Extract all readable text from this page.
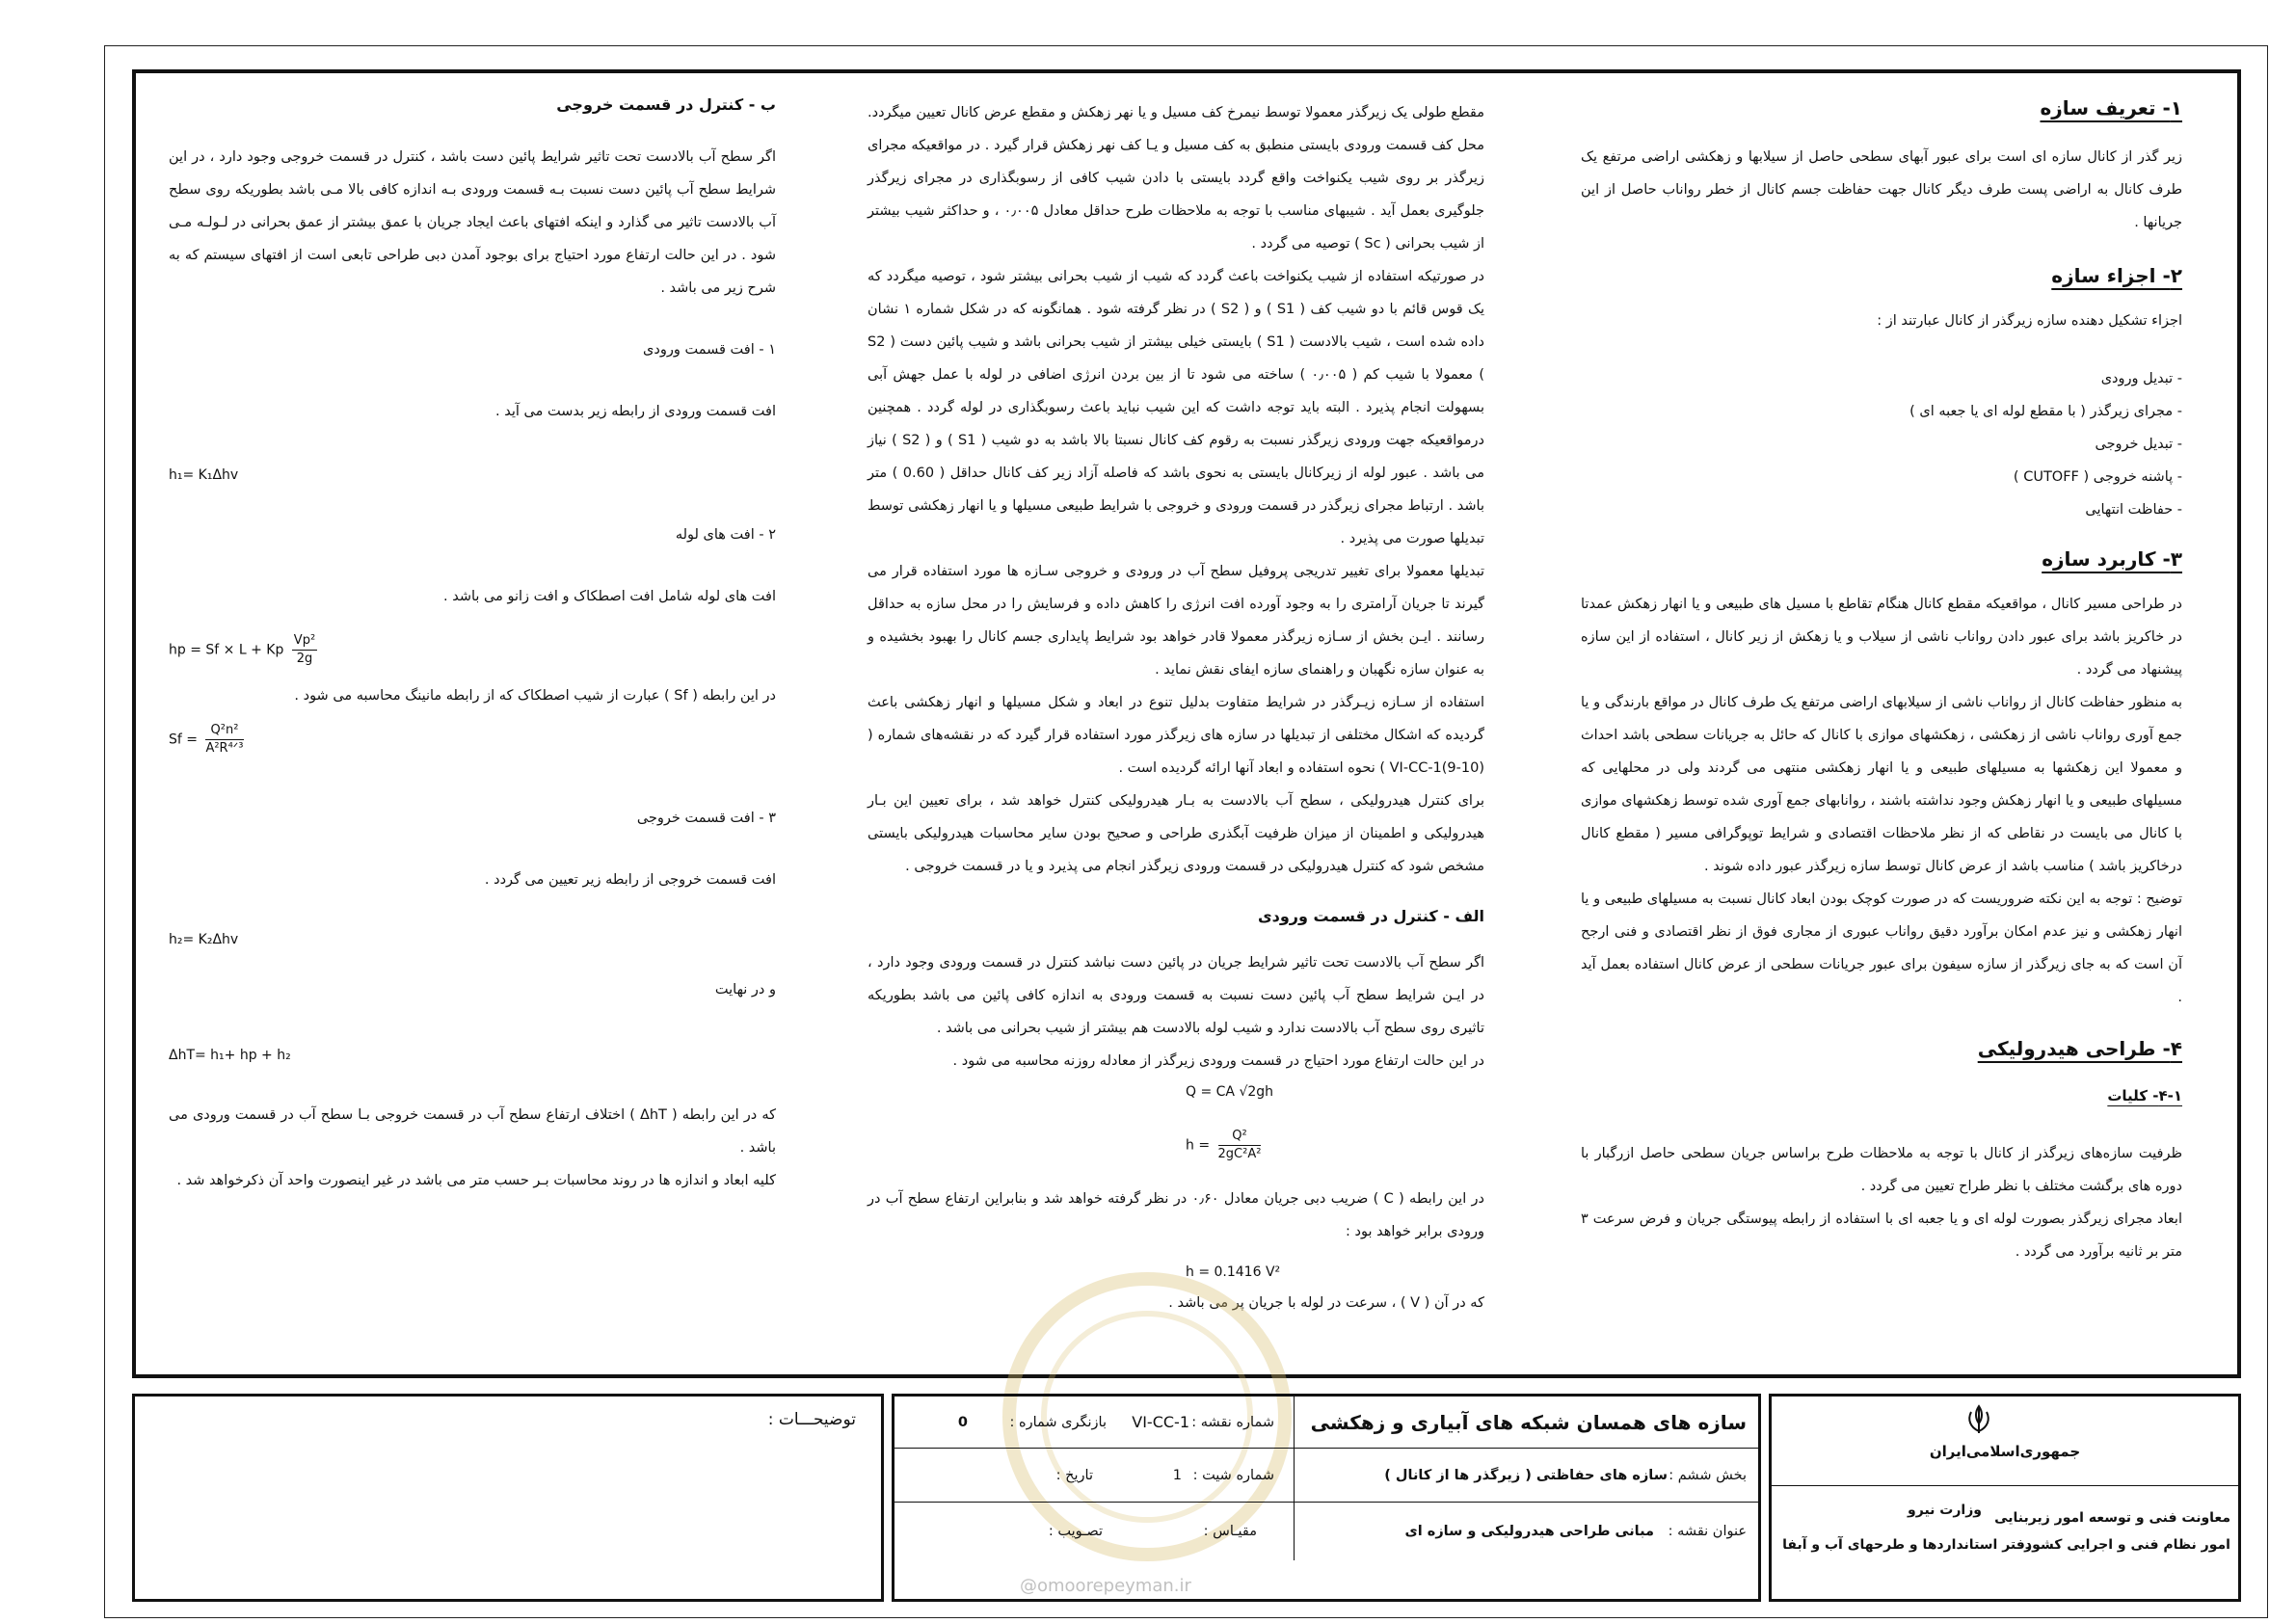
۱- تعریف سازه

زیر گذر از کانال سازه ای است برای عبور آبهای سطحی حاصل از سیلابها و زهکشی اراضی مرتفع یک طرف کانال به اراضی پست طرف دیگر کانال جهت حفاظت جسم کانال از خطر رواناب حاصل از این جریانها .

۲- اجزاء سازه

اجزاء تشکیل دهنده سازه زیرگذر از کانال عبارتند از :

- تبدیل ورودی

- مجرای زیرگذر ( با مقطع لوله ای یا جعبه ای )

- تبدیل خروجی

- پاشنه خروجی ( CUTOFF )

- حفاظت انتهایی

۳- کاربرد سازه

در طراحی مسیر کانال ، مواقعیکه مقطع کانال هنگام تقاطع با مسیل های طبیعی و یا انهار زهکش عمدتا در خاکریز باشد برای عبور دادن رواناب ناشی از سیلاب و یا زهکش از زیر کانال ، استفاده از این سازه پیشنهاد می گردد .

به منظور حفاظت کانال از رواناب ناشی از سیلابهای اراضی مرتفع یک طرف کانال در مواقع بارندگی و یا جمع آوری رواناب ناشی از زهکشی ، زهکشهای موازی با کانال که حائل به جریانات سطحی باشد احداث و معمولا این زهکشها به مسیلهای طبیعی و یا انهار زهکشی منتهی می گردند ولی در محلهایی که مسیلهای طبیعی و یا انهار زهکش وجود نداشته باشند ، روانابهای جمع آوری شده توسط زهکشهای موازی با کانال می بایست در نقاطی که از نظر ملاحظات اقتصادی و شرایط توپوگرافی مسیر ( مقطع کانال درخاکریز باشد ) مناسب باشد از عرض کانال توسط سازه زیرگذر عبور داده شوند .

توضیح : توجه به این نکته ضروریست که در صورت کوچک بودن ابعاد کانال نسبت به مسیلهای طبیعی و یا انهار زهکشی و نیز عدم امکان برآورد دقیق رواناب عبوری از مجاری فوق از نظر اقتصادی و فنی ارجح آن است که به جای زیرگذر از سازه سیفون برای عبور جریانات سطحی از عرض کانال استفاده بعمل آید .

۴- طراحی هیدرولیکی

۴-۱- کلیات

ظرفیت سازه‌های زیرگذر از کانال با توجه به ملاحظات طرح براساس جریان سطحی حاصل ازرگبار با دوره های برگشت مختلف با نظر طراح تعیین می گردد .

ابعاد مجرای زیرگذر بصورت لوله ای و یا جعبه ای با استفاده از رابطه پیوستگی جریان و فرض سرعت ۳ متر بر ثانیه برآورد می گردد .

مقطع طولی یک زیرگذر معمولا توسط نیمرخ کف مسیل و یا نهر زهکش و مقطع عرض کانال تعیین میگردد. محل کف قسمت ورودی بایستی منطبق به کف مسیل و یـا کف نهر زهکش قرار گیرد . در مواقعیکه مجرای زیرگذر بر روی شیب یکنواخت واقع گردد بایستی با دادن شیب کافی از رسوبگذاری در مجرای زیرگذر جلوگیری بعمل آید . شیبهای مناسب با توجه به ملاحظات طرح حداقل معادل ۰٫۰۰۵ ، و حداکثر شیب بیشتر از شیب بحرانی ( Sc ) توصیه می گردد .

در صورتیکه استفاده از شیب یکنواخت باعث گردد که شیب از شیب بحرانی بیشتر شود ، توصیه میگردد که یک قوس قائم با دو شیب کف ( S1 ) و ( S2 ) در نظر گرفته شود . همانگونه که در شکل شماره ۱ نشان داده شده است ، شیب بالادست ( S1 ) بایستی خیلی بیشتر از شیب بحرانی باشد و شیب پائین دست ( S2 ) معمولا با شیب کم ( ۰٫۰۰۵ ) ساخته می شود تا از بین بردن انرژی اضافی در لوله با عمل جهش آبی بسهولت انجام پذیرد . البته باید توجه داشت که این شیب نباید باعث رسوبگذاری در لوله گردد . همچنین درمواقعیکه جهت ورودی زیرگذر نسبت به رقوم کف کانال نسبتا بالا باشد به دو شیب ( S1 ) و ( S2 ) نیاز می باشد . عبور لوله از زیرکانال بایستی به نحوی باشد که فاصله آزاد زیر کف کانال حداقل ( 0.60 ) متر باشد . ارتباط مجرای زیرگذر در قسمت ورودی و خروجی با شرایط طبیعی مسیلها و یا انهار زهکشی توسط تبدیلها صورت می پذیرد .

تبدیلها معمولا برای تغییر تدریجی پروفیل سطح آب در ورودی و خروجی سـازه ها مورد استفاده قرار می گیرند تا جریان آرامتری را به وجود آورده افت انرژی را کاهش داده و فرسایش را در محل سازه به حداقل رسانند . ایـن بخش از سـازه زیرگذر معمولا قادر خواهد بود شرایط پایداری جسم کانال را بهبود بخشیده و به عنوان سازه نگهبان و راهنمای سازه ایفای نقش نماید .

استفاده از سـازه زیـرگذر در شرایط متفاوت بدلیل تنوع در ابعاد و شکل مسیلها و انهار زهکشی باعث گردیده که اشکال مختلفی از تبدیلها در سازه های زیرگذر مورد استفاده قرار گیرد که در نقشه‌های شماره ( VI-CC-1(9-10) ) نحوه استفاده و ابعاد آنها ارائه گردیده است .

برای کنترل هیدرولیکی ، سطح آب بالادست به بـار هیدرولیکی کنترل خواهد شد ، برای تعیین این بـار هیدرولیکی و اطمینان از میزان ظرفیت آبگذری طراحی و صحیح بودن سایر محاسبات هیدرولیکی بایستی مشخص شود که کنترل هیدرولیکی در قسمت ورودی زیرگذر انجام می پذیرد و یا در قسمت خروجی .

الف - کنترل در قسمت ورودی

اگر سطح آب بالادست تحت تاثیر شرایط جریان در پائین دست نباشد کنترل در قسمت ورودی وجود دارد ، در ایـن شرایط سطح آب پائین دست نسبت به قسمت ورودی به اندازه کافی پائین می باشد بطوریکه تاثیری روی سطح آب بالادست ندارد و شیب لوله بالادست هم بیشتر از شیب بحرانی می باشد .

در این حالت ارتفاع مورد احتیاج در قسمت ورودی زیرگذر از معادله روزنه محاسبه می شود .

Q = CA √2gh
$h = \frac{\text{Q²}}{\text{2gC²A²}}$

در این رابطه ( C ) ضریب دبی جریان معادل ۰٫۶۰ در نظر گرفته خواهد شد و بنابراین ارتفاع سطح آب در ورودی برابر خواهد بود :

h = 0.1416 V²

که در آن ( V ) ، سرعت در لوله با جریان پر می باشد .

ب - کنترل در قسمت خروجی

اگر سطح آب بالادست تحت تاثیر شرایط پائین دست باشد ، کنترل در قسمت خروجی وجود دارد ، در این شرایط سطح آب پائین دست نسبت بـه قسمت ورودی بـه اندازه کافی بالا مـی باشد بطوریکه روی سطح آب بالادست تاثیر می گذارد و اینکه افتهای باعث ایجاد جریان با عمق بیشتر از عمق بحرانی در لـولـه مـی شود . در این حالت ارتفاع مورد احتیاج برای بوجود آمدن دبی طراحی تابعی است از افتهای سیستم که به شرح زیر می باشد .

۱ - افت قسمت ورودی

افت قسمت ورودی از رابطه زیر بدست می آید .

h₁= K₁Δhv

۲ - افت های لوله

افت های لوله شامل افت اصطکاک و افت زانو می باشد .

hp = Sf × L + Kp $\frac{\text{Vp²}}{2g}$

در این رابطه ( Sf ) عبارت از شیب اصطکاک که از رابطه مانینگ محاسبه می شود .

$Sf = \frac{\text{Q²n²}}{\text{A²R⁴ᐟ³}}$

۳ - افت قسمت خروجی

افت قسمت خروجی از رابطه زیر تعیین می گردد .

h₂= K₂Δhv

و در نهایت

ΔhT= h₁+ hp + h₂

که در این رابطه ( ΔhT ) اختلاف ارتفاع سطح آب در قسمت خروجی بـا سطح آب در قسمت ورودی می باشد .

کلیه ابعاد و اندازه ها در روند محاسبات بـر حسب متر می باشد در غیر اینصورت واحد آن ذکرخواهد شد .

@omoorepeyman.ir
توضیحـــات :	سازه های همسان شبکه های آبیاری و زهکشی
شماره نقشه :
VI-CC-1
بازنگری شماره :
0
بخش ششم :
سازه های حفاظتی ( زیرگذر ها از کانال )
شماره شیت :
1
تاریخ :
عنوان نقشه :
مبانی طراحی هیدرولیکی و سازه ای
مقیـاس :
تصـویب :
جمهوری‌اسلامی‌ایران
معاونت فنی و توسعه امور زیربنایی
امور نظام فنی و اجرایی کشور
وزارت نیرو
دفتر استانداردها و طرحهای آب و آبفا
